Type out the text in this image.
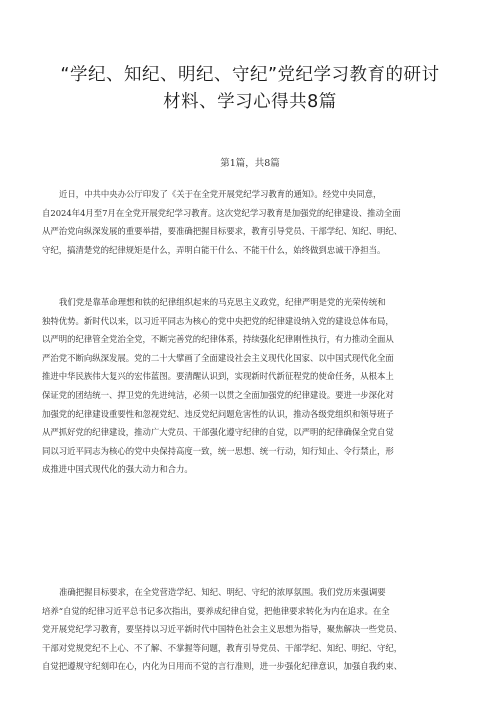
“学纪、知纪、明纪、守纪”党纪学习教育的研讨
材料、学习心得共8篇
第1篇，共8篇
近日，中共中央办公厅印发了《关于在全党开展党纪学习教育的通知》。经党中央同意，
自2024年4月至7月在全党开展党纪学习教育。这次党纪学习教育是加强党的纪律建设、推动全面
从严治党向纵深发展的重要举措，要准确把握目标要求，教育引导党员、干部学纪、知纪、明纪、
守纪，搞清楚党的纪律规矩是什么，弄明白能干什么、不能干什么，始终做到忠诚干净担当。
我们党是靠革命理想和铁的纪律组织起来的马克思主义政党，纪律严明是党的光荣传统和
独特优势。新时代以来，以习近平同志为核心的党中央把党的纪律建设纳入党的建设总体布局，
以严明的纪律管全党治全党，不断完善党的纪律体系，持续强化纪律刚性执行，有力推动全面从
严治党不断向纵深发展。党的二十大擘画了全面建设社会主义现代化国家、以中国式现代化全面
推进中华民族伟大复兴的宏伟蓝图。要清醒认识到，实现新时代新征程党的使命任务，从根本上
保证党的团结统一、捍卫党的先进纯洁，必须一以贯之全面加强党的纪律建设。要进一步深化对
加强党的纪律建设重要性和忽视党纪、违反党纪问题危害性的认识，推动各级党组织和领导班子
从严抓好党的纪律建设，推动广大党员、干部强化遵守纪律的自觉，以严明的纪律确保全党自觉
同以习近平同志为核心的党中央保持高度一致，统一思想、统一行动，知行知止、令行禁止，形
成推进中国式现代化的强大动力和合力。
准确把握目标要求，在全党营造学纪、知纪、明纪、守纪的浓厚氛围。我们党历来强调要
培养“自觉的纪律习近平总书记多次指出，要养成纪律自觉，把他律要求转化为内在追求。在全
党开展党纪学习教育，要坚持以习近平新时代中国特色社会主义思想为指导，聚焦解决一些党员、
干部对党规党纪不上心、不了解、不掌握等问题，教育引导党员、干部学纪、知纪、明纪、守纪，
自觉把遵规守纪刻印在心，内化为日用而不觉的言行准则，进一步强化纪律意识，加强自我约束、
